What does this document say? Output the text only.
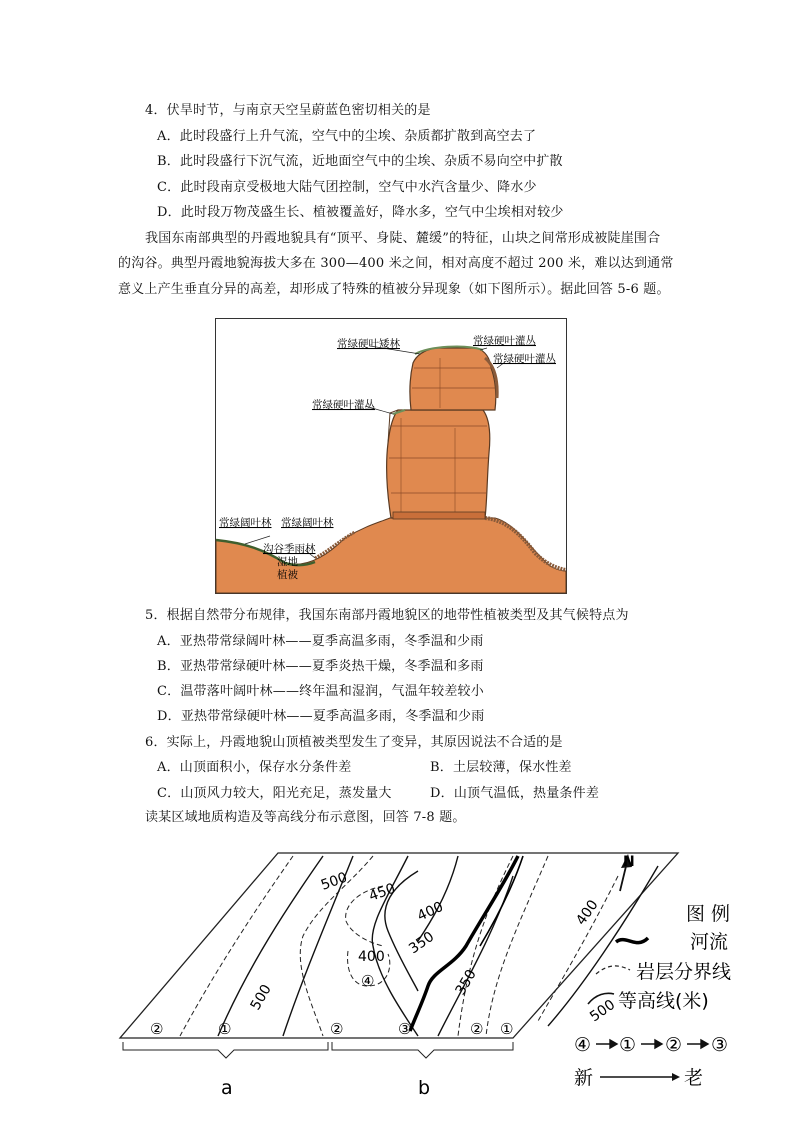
4．伏旱时节，与南京天空呈蔚蓝色密切相关的是
A．此时段盛行上升气流，空气中的尘埃、杂质都扩散到高空去了
B．此时段盛行下沉气流，近地面空气中的尘埃、杂质不易向空中扩散
C．此时段南京受极地大陆气团控制，空气中水汽含量少、降水少
D．此时段万物茂盛生长、植被覆盖好，降水多，空气中尘埃相对较少
我国东南部典型的丹霞地貌具有“顶平、身陡、麓缓”的特征，山块之间常形成被陡崖围合
的沟谷。典型丹霞地貌海拔大多在 300—400 米之间，相对高度不超过 200 米，难以达到通常
意义上产生垂直分异的高差，却形成了特殊的植被分异现象（如下图所示）。据此回答 5-6 题。
常绿硬叶矮林	常绿硬叶灌丛
常绿硬叶灌丛
常绿硬叶灌丛
常绿阔叶林 常绿阔叶林
沟谷季雨林
湿地
植被
5．根据自然带分布规律，我国东南部丹霞地貌区的地带性植被类型及其气候特点为
A．亚热带常绿阔叶林——夏季高温多雨，冬季温和少雨
B．亚热带常绿硬叶林——夏季炎热干燥，冬季温和多雨
C．温带落叶阔叶林——终年温和湿润，气温年较差较小
D．亚热带常绿硬叶林——夏季高温多雨，冬季温和少雨
6．实际上，丹霞地貌山顶植被类型发生了变异，其原因说法不合适的是
A．山顶面积小，保存水分条件差	B．土层较薄，保水性差
C．山顶风力较大，阳光充足，蒸发量大	D．山顶气温低，热量条件差
读某区域地质构造及等高线分布示意图，回答 7-8 题。
500 450
400
400 350
350
500
400
②	①	②	③	② ①
④
N
a	b
图 例
河流
岩层分界线
500 等高线(米)
④ ① ② ③
新	老
